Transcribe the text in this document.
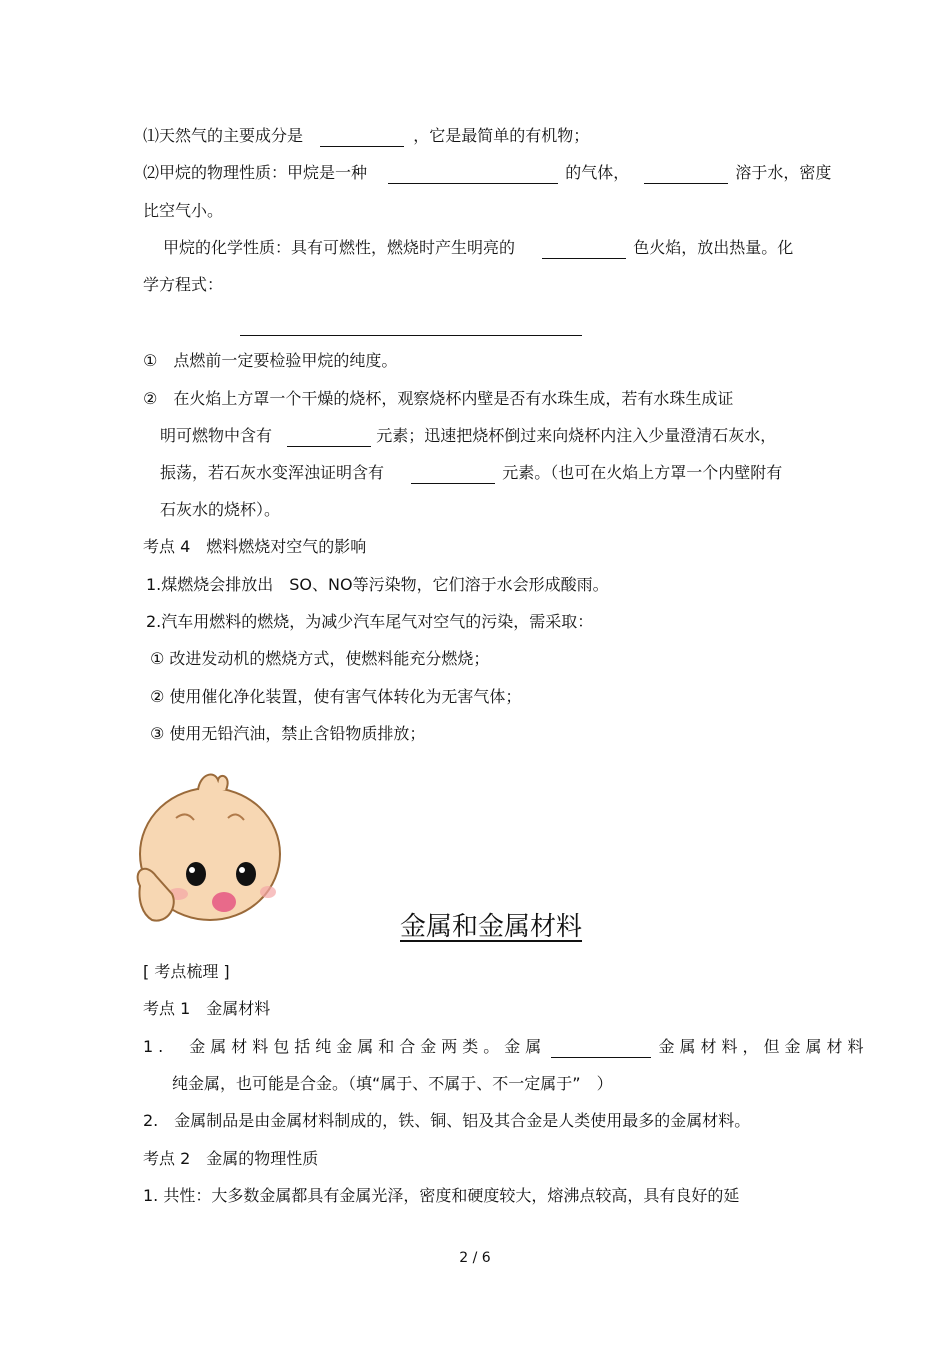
⑴天然气的主要成分是	，它是最简单的有机物；
⑵甲烷的物理性质：甲烷是一种	的气体，	溶于水，密度
比空气小。
甲烷的化学性质：具有可燃性，燃烧时产生明亮的	色火焰，放出热量。化
学方程式：
①　点燃前一定要检验甲烷的纯度。
②　在火焰上方罩一个干燥的烧杯，观察烧杯内壁是否有水珠生成，若有水珠生成证
明可燃物中含有	元素；迅速把烧杯倒过来向烧杯内注入少量澄清石灰水，
振荡，若石灰水变浑浊证明含有	元素。（也可在火焰上方罩一个内壁附有
石灰水的烧杯）。
考点 4　燃料燃烧对空气的影响
1.煤燃烧会排放出　SO、NO等污染物，它们溶于水会形成酸雨。
2.汽车用燃料的燃烧，为减少汽车尾气对空气的污染，需采取：
① 改进发动机的燃烧方式，使燃料能充分燃烧；
② 使用催化净化装置，使有害气体转化为无害气体；
③ 使用无铅汽油，禁止含铅物质排放；
金属和金属材料
[ 考点梳理 ]
考点 1　金属材料
1.　金属材料包括纯金属和合金两类。金属	金属材料，但金属材料
纯金属，也可能是合金。（填“属于、不属于、不一定属于”　）
2.　金属制品是由金属材料制成的，铁、铜、铝及其合金是人类使用最多的金属材料。
考点 2　金属的物理性质
1. 共性：大多数金属都具有金属光泽，密度和硬度较大，熔沸点较高，具有良好的延
2 / 6
